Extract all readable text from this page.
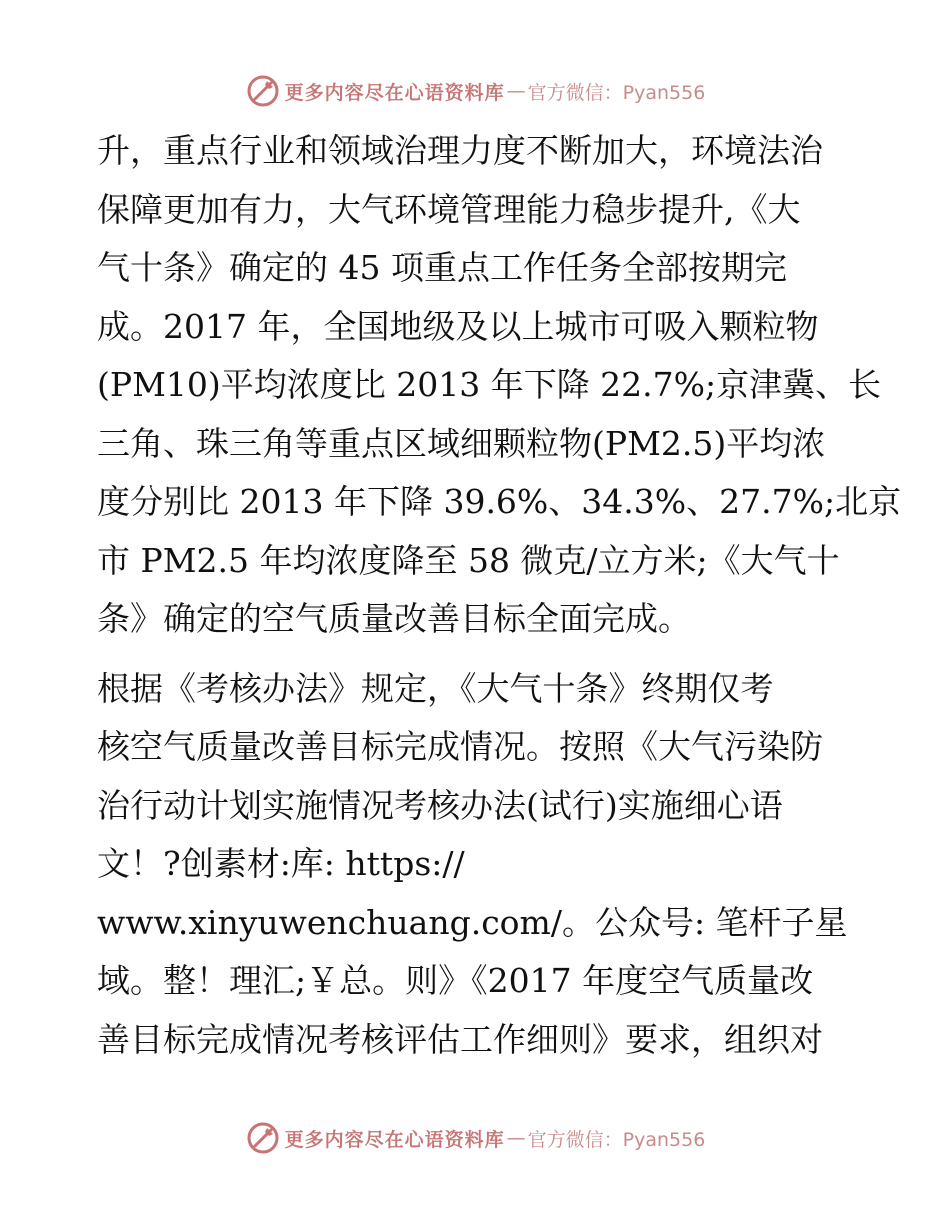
更多内容尽在心语资料库 — 官方微信：Pyan556

升，重点行业和领域治理力度不断加大，环境法治

保障更加有力，大气环境管理能力稳步提升,《大

气十条》确定的 45 项重点工作任务全部按期完

成。2017 年，全国地级及以上城市可吸入颗粒物

(PM10)平均浓度比 2013 年下降 22.7%;京津冀、长

三角、珠三角等重点区域细颗粒物(PM2.5)平均浓

度分别比 2013 年下降 39.6%、34.3%、27.7%;北京

市 PM2.5 年均浓度降至 58 微克/立方米;《大气十

条》确定的空气质量改善目标全面完成。

根据《考核办法》规定，《大气十条》终期仅考

核空气质量改善目标完成情况。按照《大气污染防

治行动计划实施情况考核办法(试行)实施细心语

文！?创素材:库: https://

www.xinyuwenchuang.com/。公众号: 笔杆子星

域。整！理汇;￥总。则》《2017 年度空气质量改

善目标完成情况考核评估工作细则》要求，组织对

更多内容尽在心语资料库 — 官方微信：Pyan556
